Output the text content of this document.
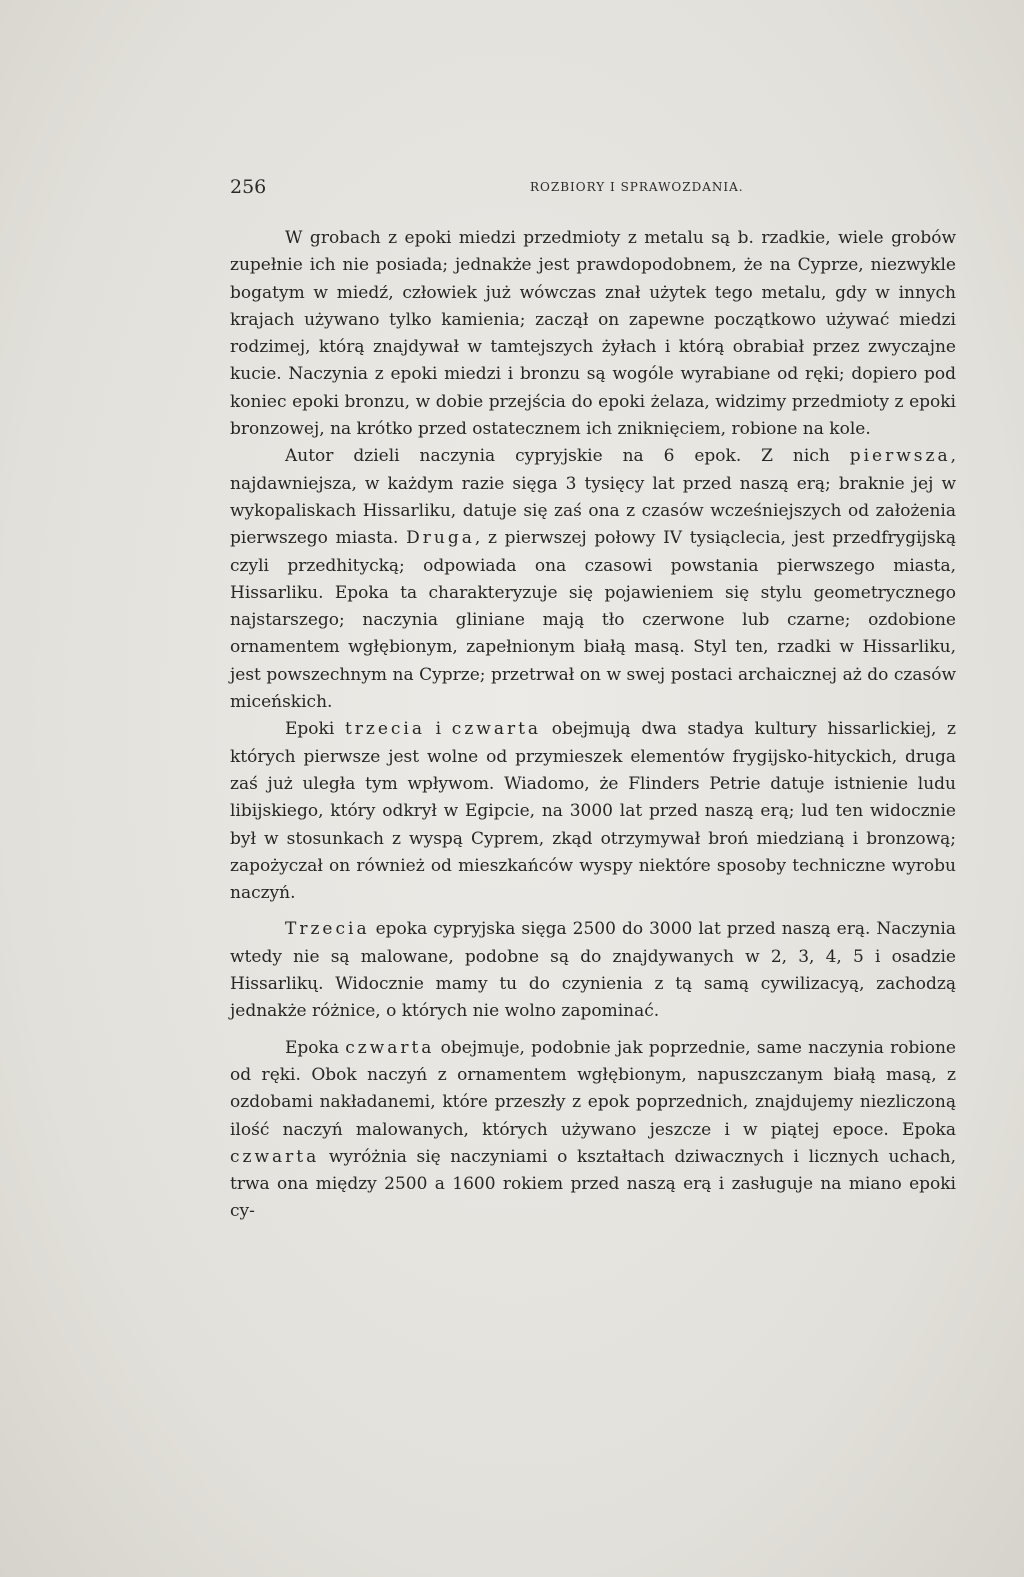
256	ROZBIORY I SPRAWOZDANIA.

W grobach z epoki miedzi przedmioty z metalu są b. rzadkie, wiele grobów zupełnie ich nie posiada; jednakże jest prawdopodobnem, że na Cyprze, niezwykle bogatym w miedź, człowiek już wówczas znał użytek tego metalu, gdy w innych krajach używano tylko kamienia; zaczął on zapewne początkowo używać miedzi rodzimej, którą znajdywał w tamtejszych żyłach i którą obrabiał przez zwyczajne kucie. Naczynia z epoki miedzi i bronzu są wogóle wyrabiane od ręki; dopiero pod koniec epoki bronzu, w dobie przejścia do epoki żelaza, widzimy przedmioty z epoki bronzowej, na krótko przed ostatecznem ich zniknięciem, robione na kole.

Autor dzieli naczynia cypryjskie na 6 epok. Z nich pierwsza, najdawniejsza, w każdym razie sięga 3 tysięcy lat przed naszą erą; braknie jej w wykopaliskach Hissarliku, datuje się zaś ona z czasów wcześniejszych od założenia pierwszego miasta. Druga, z pierwszej połowy IV tysiąclecia, jest przedfrygijską czyli przedhitycką; odpowiada ona czasowi powstania pierwszego miasta, Hissarliku. Epoka ta charakteryzuje się pojawieniem się stylu geometrycznego najstarszego; naczynia gliniane mają tło czerwone lub czarne; ozdobione ornamentem wgłębionym, zapełnionym białą masą. Styl ten, rzadki w Hissarliku, jest powszechnym na Cyprze; przetrwał on w swej postaci archaicznej aż do czasów miceńskich.

Epoki trzecia i czwarta obejmują dwa stadya kultury hissarlickiej, z których pierwsze jest wolne od przymieszek elementów frygijsko-hityckich, druga zaś już uległa tym wpływom. Wiadomo, że Flinders Petrie datuje istnienie ludu libijskiego, który odkrył w Egipcie, na 3000 lat przed naszą erą; lud ten widocznie był w stosunkach z wyspą Cyprem, zkąd otrzymywał broń miedzianą i bronzową; zapożyczał on również od mieszkańców wyspy niektóre sposoby techniczne wyrobu naczyń.

Trzecia epoka cypryjska sięga 2500 do 3000 lat przed naszą erą. Naczynia wtedy nie są malowane, podobne są do znajdywanych w 2, 3, 4, 5 i osadzie Hissarlikų. Widocznie mamy tu do czynienia z tą samą cywilizacyą, zachodzą jednakże różnice, o których nie wolno zapominać.

Epoka czwarta obejmuje, podobnie jak poprzednie, same naczynia robione od ręki. Obok naczyń z ornamentem wgłębionym, napuszczanym białą masą, z ozdobami nakładanemi, które przeszły z epok poprzednich, znajdujemy niezliczoną ilość naczyń malowanych, których używano jeszcze i w piątej epoce. Epoka czwarta wyróżnia się naczyniami o kształtach dziwacznych i licznych uchach, trwa ona między 2500 a 1600 rokiem przed naszą erą i zasługuje na miano epoki cy-
